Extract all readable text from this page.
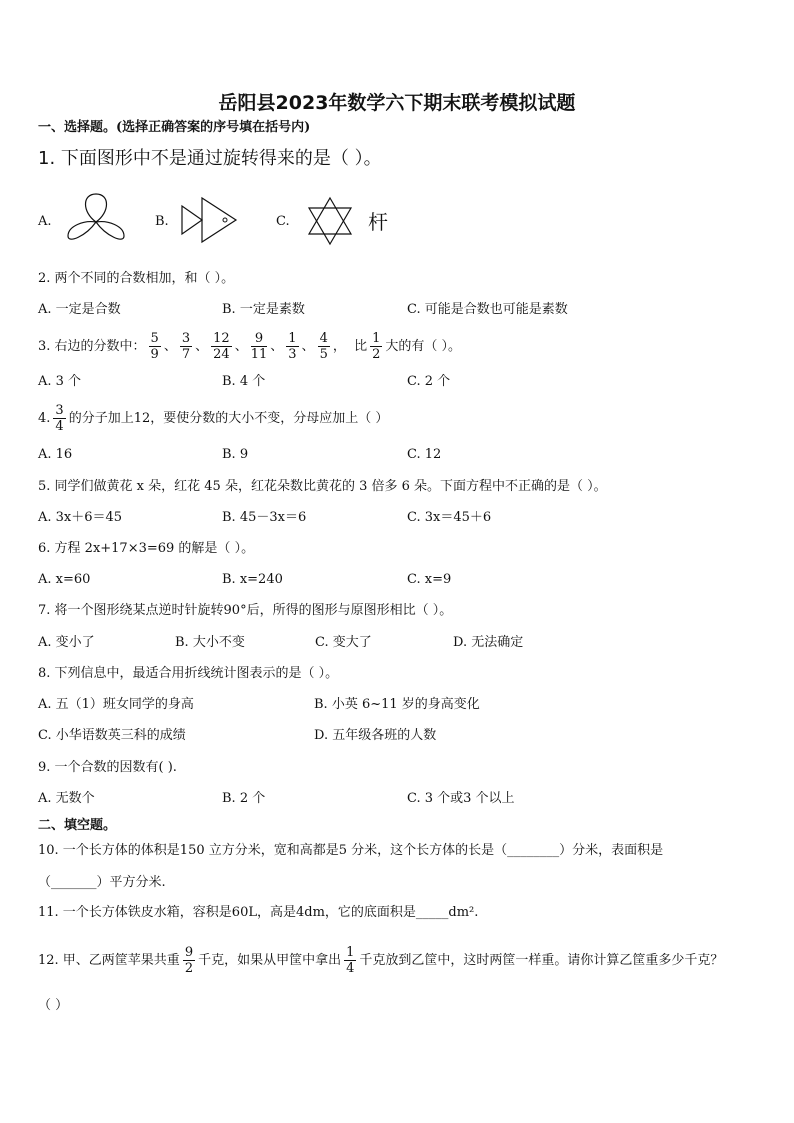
岳阳县2023年数学六下期末联考模拟试题
一、选择题。(选择正确答案的序号填在括号内)
1. 下面图形中不是通过旋转得来的是（ ）。
A.	B.	C.	杆
2. 两个不同的合数相加，和（ ）。
A. 一定是合数	B. 一定是素数	C. 可能是合数也可能是素数
3. 右边的分数中： $\frac{5}{9}$ 、 $\frac{3}{7}$ 、 $\frac{12}{24}$ 、 $\frac{9}{11}$ 、 $\frac{1}{3}$ 、 $\frac{4}{5}$ ， 比 $\frac{1}{2}$ 大的有（ ）。
A. 3 个	B. 4 个	C. 2 个
4. $\frac{3}{4}$ 的分子加上12，要使分数的大小不变，分母应加上（ ）
A. 16	B. 9	C. 12
5. 同学们做黄花 x 朵，红花 45 朵，红花朵数比黄花的 3 倍多 6 朵。下面方程中不正确的是（ ）。
A. 3x＋6＝45	B. 45－3x＝6	C. 3x＝45＋6
6. 方程 2x+17×3=69 的解是（ ）。
A. x=60	B. x=240	C. x=9
7. 将一个图形绕某点逆时针旋转90°后，所得的图形与原图形相比（ ）。
A. 变小了	B. 大小不变	C. 变大了	D. 无法确定
8. 下列信息中，最适合用折线统计图表示的是（ ）。
A. 五（1）班女同学的身高	B. 小英 6~11 岁的身高变化
C. 小华语数英三科的成绩	D. 五年级各班的人数
9. 一个合数的因数有( ).
A. 无数个	B. 2 个	C. 3 个或3 个以上
二、填空题。
10. 一个长方体的体积是150 立方分米，宽和高都是5 分米，这个长方体的长是（________）分米，表面积是
（_______）平方分米.
11. 一个长方体铁皮水箱，容积是60L，高是4dm，它的底面积是_____dm².
12. 甲、乙两筐苹果共重 $\frac{9}{2}$ 千克，如果从甲筐中拿出 $\frac{1}{4}$ 千克放到乙筐中，这时两筐一样重。请你计算乙筐重多少千克？
（ ）
